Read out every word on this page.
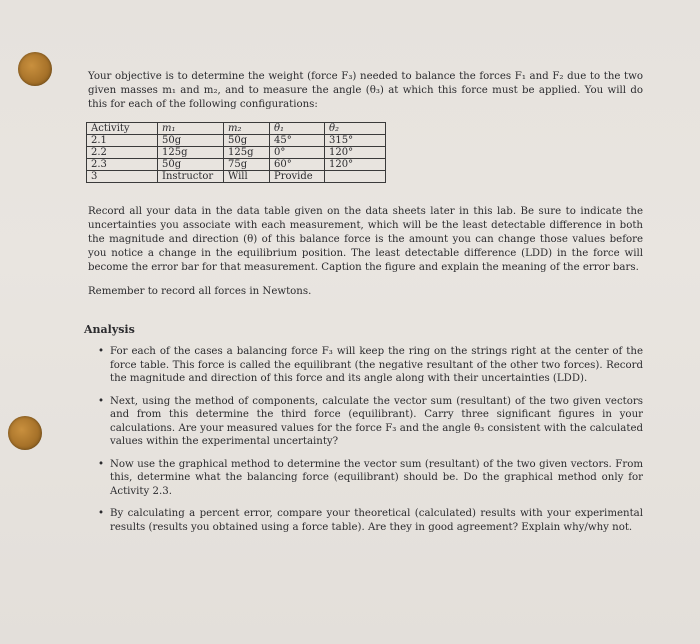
Your objective is to determine the weight (force F₃) needed to balance the forces F₁ and F₂ due to the two given masses m₁ and m₂, and to measure the angle (θ₃) at which this force must be applied. You will do this for each of the following configurations:

Activity	m₁	m₂	θ₁	θ₂
2.1	50g	50g	45°	315°
2.2	125g	125g	0°	120°
2.3	50g	75g	60°	120°
3	Instructor	Will	Provide	

Record all your data in the data table given on the data sheets later in this lab. Be sure to indicate the uncertainties you associate with each measurement, which will be the least detectable difference in both the magnitude and direction (θ) of this balance force is the amount you can change those values before you notice a change in the equilibrium position. The least detectable difference (LDD) in the force will become the error bar for that measurement. Caption the figure and explain the meaning of the error bars.

Remember to record all forces in Newtons.

Analysis
• For each of the cases a balancing force F₃ will keep the ring on the strings right at the center of the force table. This force is called the equilibrant (the negative resultant of the other two forces). Record the magnitude and direction of this force and its angle along with their uncertainties (LDD).
• Next, using the method of components, calculate the vector sum (resultant) of the two given vectors and from this determine the third force (equilibrant). Carry three significant figures in your calculations. Are your measured values for the force F₃ and the angle θ₃ consistent with the calculated values within the experimental uncertainty?
• Now use the graphical method to determine the vector sum (resultant) of the two given vectors. From this, determine what the balancing force (equilibrant) should be. Do the graphical method only for Activity 2.3.
• By calculating a percent error, compare your theoretical (calculated) results with your experimental results (results you obtained using a force table). Are they in good agreement? Explain why/why not.
